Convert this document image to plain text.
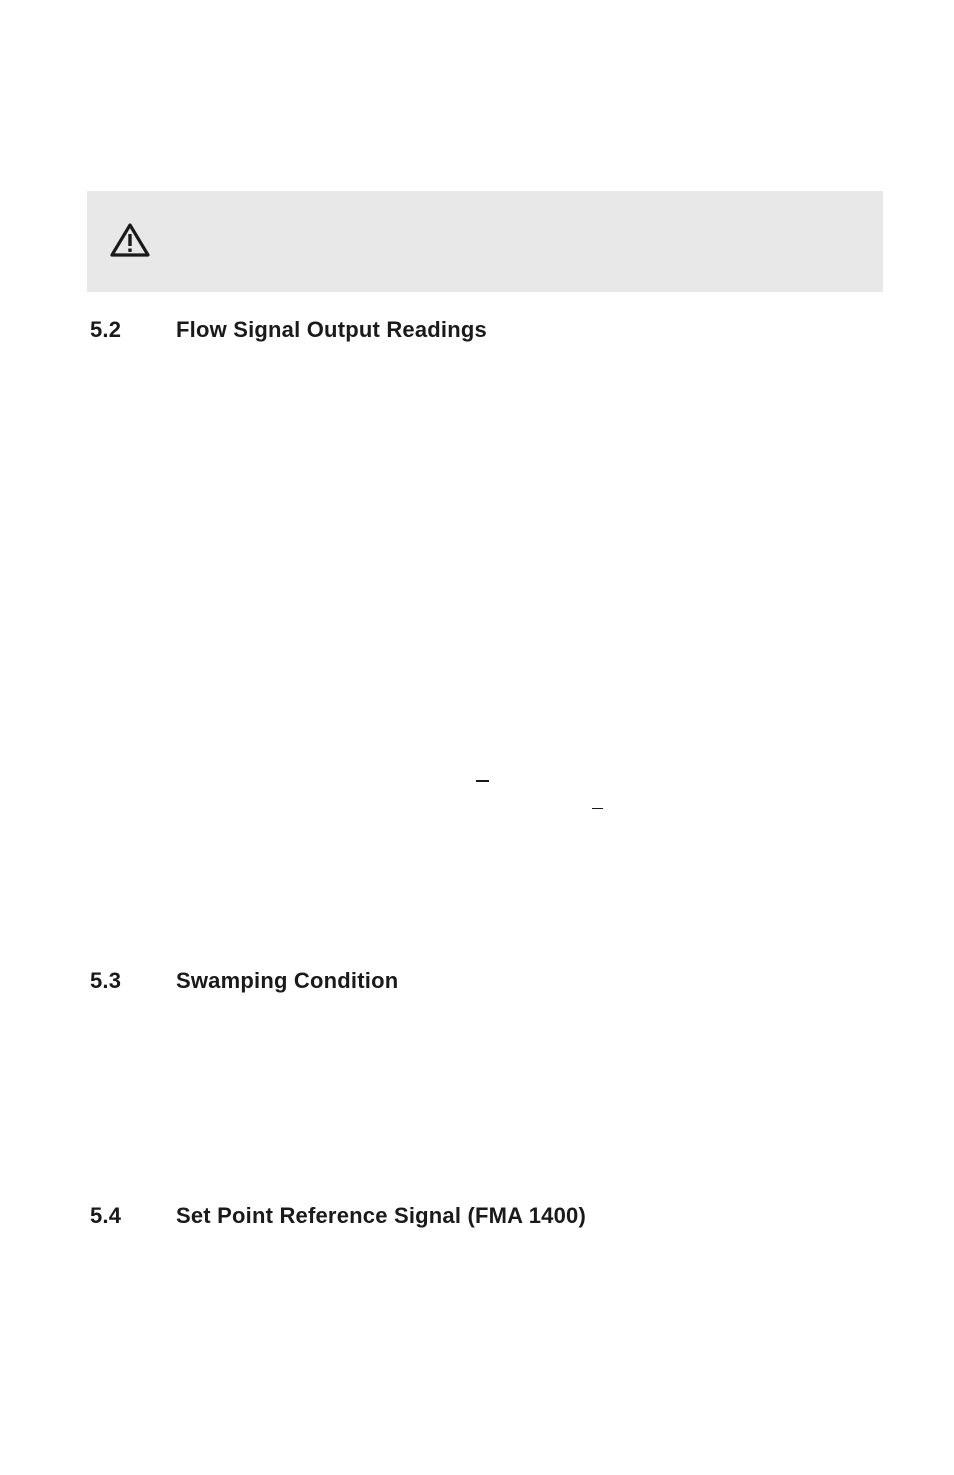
5.2 Flow Signal Output Readings
5.3 Swamping Condition
5.4 Set Point Reference Signal (FMA 1400)
